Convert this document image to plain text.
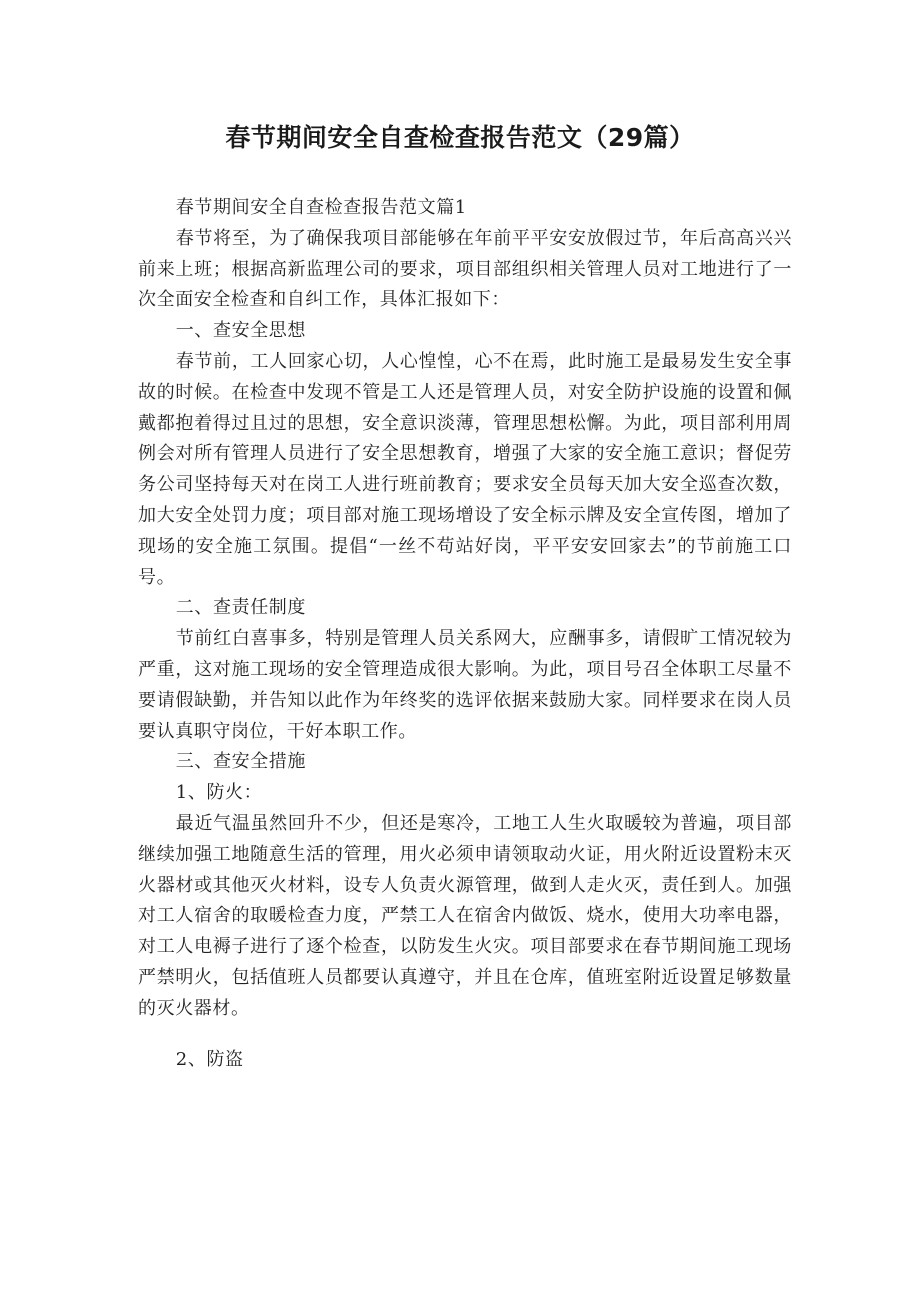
春节期间安全自查检查报告范文（29篇）

春节期间安全自查检查报告范文篇1

春节将至，为了确保我项目部能够在年前平平安安放假过节，年后高高兴兴前来上班；根据高新监理公司的要求，项目部组织相关管理人员对工地进行了一次全面安全检查和自纠工作，具体汇报如下：

一、查安全思想

春节前，工人回家心切，人心惶惶，心不在焉，此时施工是最易发生安全事故的时候。在检查中发现不管是工人还是管理人员，对安全防护设施的设置和佩戴都抱着得过且过的思想，安全意识淡薄，管理思想松懈。为此，项目部利用周例会对所有管理人员进行了安全思想教育，增强了大家的安全施工意识；督促劳务公司坚持每天对在岗工人进行班前教育；要求安全员每天加大安全巡查次数，加大安全处罚力度；项目部对施工现场增设了安全标示牌及安全宣传图，增加了现场的安全施工氛围。提倡“一丝不苟站好岗，平平安安回家去”的节前施工口号。

二、查责任制度

节前红白喜事多，特别是管理人员关系网大，应酬事多，请假旷工情况较为严重，这对施工现场的安全管理造成很大影响。为此，项目号召全体职工尽量不要请假缺勤，并告知以此作为年终奖的选评依据来鼓励大家。同样要求在岗人员要认真职守岗位，干好本职工作。

三、查安全措施

1、防火：

最近气温虽然回升不少，但还是寒冷，工地工人生火取暖较为普遍，项目部继续加强工地随意生活的管理，用火必须申请领取动火证，用火附近设置粉末灭火器材或其他灭火材料，设专人负责火源管理，做到人走火灭，责任到人。加强对工人宿舍的取暖检查力度，严禁工人在宿舍内做饭、烧水，使用大功率电器，对工人电褥子进行了逐个检查，以防发生火灾。项目部要求在春节期间施工现场严禁明火，包括值班人员都要认真遵守，并且在仓库，值班室附近设置足够数量的灭火器材。

2、防盗
